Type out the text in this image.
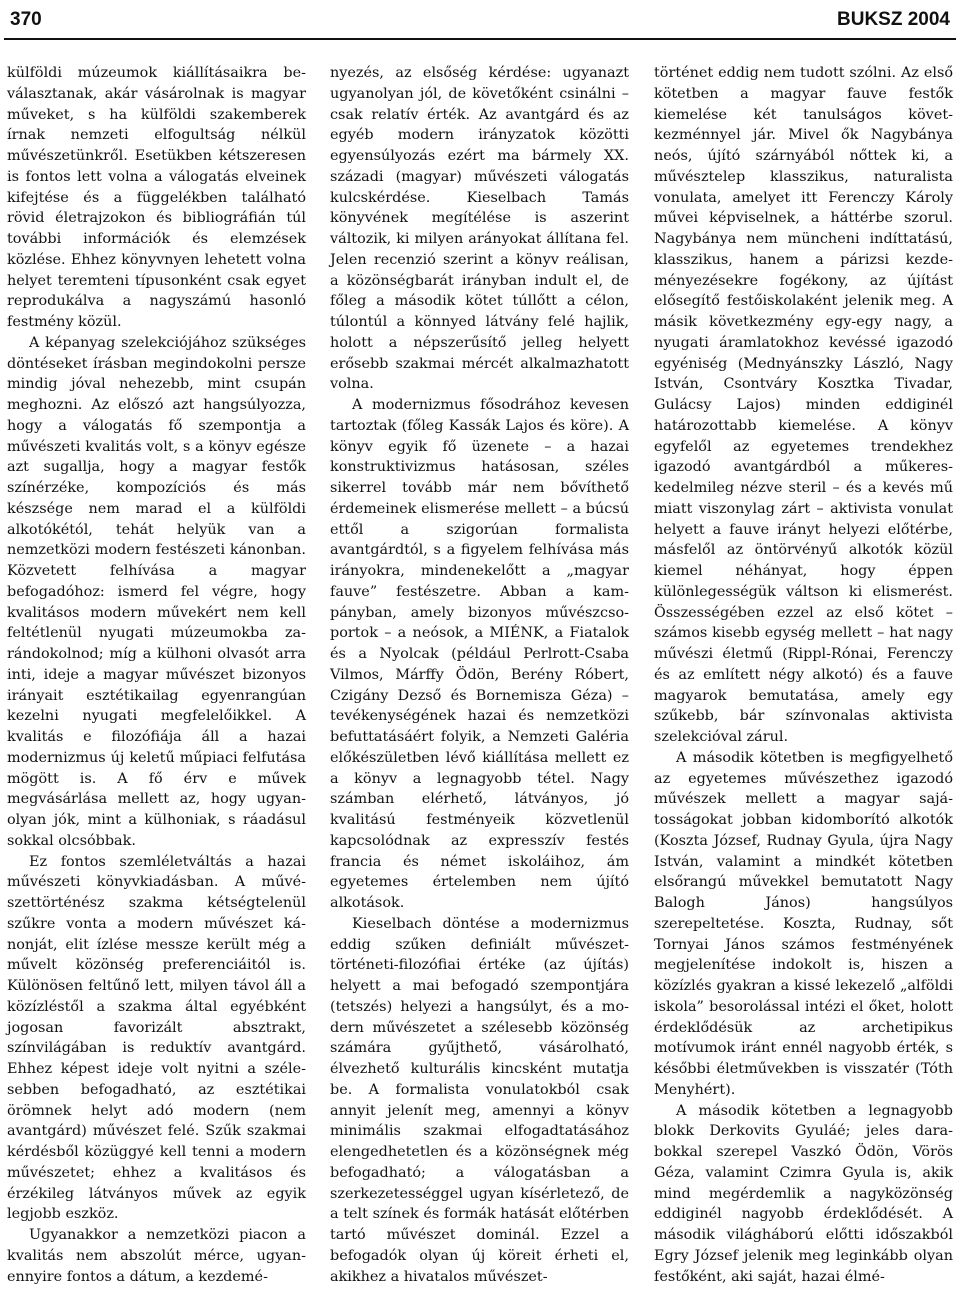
370	BUKSZ 2004

külföldi múzeumok kiállításaikra beválasztanak, akár vásárolnak is magyar műveket, s ha külföldi szakemberek írnak nemzeti elfogultság nélkül művészetünkről. Esetükben kétszeresen is fontos lett volna a válogatás elveinek kifejtése és a függelékben található rövid életrajzokon és bibliográfián túl további információk és elemzések közlése. Ehhez könyvnyen lehetett volna helyet teremteni típusonként csak egyet reprodukálva a nagyszámú hasonló festmény közül.

A képanyag szelekciójához szükséges döntéseket írásban megindokolni persze mindig jóval nehezebb, mint csupán meghozni. Az előszó azt hangsúlyozza, hogy a válogatás fő szempontja a művészeti kvalitás volt, s a könyv egésze azt sugallja, hogy a magyar festők színérzéke, kompozíciós és más készsége nem marad el a külföldi alkotókétól, tehát helyük van a nemzetközi modern festészeti kánonban. Közvetett felhívása a magyar befogadóhoz: ismerd fel végre, hogy kvalitásos modern művekért nem kell feltétlenül nyugati múzeumokba zarándokolnod; míg a külhoni olvasót arra inti, ideje a magyar művészet bizonyos irányait esztétikailag egyenrangúan kezelni nyugati megfelelőikkel. A kvalitás e filozófiája áll a hazai modernizmus új keletű műpiaci felfutása mögött is. A fő érv e művek megvásárlása mellett az, hogy ugyanolyan jók, mint a külhoniak, s ráadásul sokkal olcsóbbak.

Ez fontos szemléletváltás a hazai művészeti könyvkiadásban. A művészettörténész szakma kétségtelenül szűkre vonta a modern művészet kánonját, elit ízlése messze került még a művelt közönség preferenciáitól is. Különösen feltűnő lett, milyen távol áll a közízléstől a szakma által egyébként jogosan favorizált absztrakt, színvilágában is reduktív avantgárd. Ehhez képest ideje volt nyitni a szélesebben befogadható, az esztétikai örömnek helyt adó modern (nem avantgárd) művészet felé. Szűk szakmai kérdésből közüggyé kell tenni a modern művészetet; ehhez a kvalitásos és érzékileg látványos művek az egyik legjobb eszköz.

Ugyanakkor a nemzetközi piacon a kvalitás nem abszolút mérce, ugyanennyire fontos a dátum, a kezdemé-

nyezés, az elsőség kérdése: ugyanazt ugyanolyan jól, de követőként csinálni – csak relatív érték. Az avantgárd és az egyéb modern irányzatok közötti egyensúlyozás ezért ma bármely XX. századi (magyar) művészeti válogatás kulcskérdése. Kieselbach Tamás könyvének megítélése is aszerint változik, ki milyen arányokat állítana fel. Jelen recenzió szerint a könyv reálisan, a közönségbarát irányban indult el, de főleg a második kötet túllőtt a célon, túlontúl a könnyed látvány felé hajlik, holott a népszerűsítő jelleg helyett erősebb szakmai mércét alkalmazhatott volna.

A modernizmus fősodrához kevesen tartoztak (főleg Kassák Lajos és köre). A könyv egyik fő üzenete – a hazai konstruktivizmus hatásosan, széles sikerrel tovább már nem bővíthető érdemeinek elismerése mellett – a búcsú ettől a szigorúan formalista avantgárdtól, s a figyelem felhívása más irányokra, mindenekelőtt a „magyar fauve” festészetre. Abban a kampányban, amely bizonyos művészcsoportok – a neósok, a MIÉNK, a Fiatalok és a Nyolcak (például Perlrott-Csaba Vilmos, Márffy Ödön, Berény Róbert, Czigány Dezső és Bornemisza Géza) – tevékenységének hazai és nemzetközi befuttatásáért folyik, a Nemzeti Galéria előkészületben lévő kiállítása mellett ez a könyv a legnagyobb tétel. Nagy számban elérhető, látványos, jó kvalitású festményeik közvetlenül kapcsolódnak az expresszív festés francia és német iskoláihoz, ám egyetemes értelemben nem újító alkotások.

Kieselbach döntése a modernizmus eddig szűken definiált művészettörténeti-filozófiai értéke (az újítás) helyett a mai befogadó szempontjára (tetszés) helyezi a hangsúlyt, és a modern művészetet a szélesebb közönség számára gyűjthető, vásárolható, élvezhető kulturális kincsként mutatja be. A formalista vonulatokból csak annyit jelenít meg, amennyi a könyv minimális szakmai elfogadtatásához elengedhetetlen és a közönségnek még befogadható; a válogatásban a szerkezetességgel ugyan kísérletező, de a telt színek és formák hatását előtérben tartó művészet dominál. Ezzel a befogadók olyan új köreit érheti el, akikhez a hivatalos művészet-

történet eddig nem tudott szólni. Az első kötetben a magyar fauve festők kiemelése két tanulságos következménnyel jár. Mivel ők Nagybánya neós, újító szárnyából nőttek ki, a művésztelep klasszikus, naturalista vonulata, amelyet itt Ferenczy Károly művei képviselnek, a háttérbe szorul. Nagybánya nem müncheni indíttatású, klasszikus, hanem a párizsi kezdeményezésekre fogékony, az újítást elősegítő festőiskolaként jelenik meg. A másik következmény egy-egy nagy, a nyugati áramlatokhoz kevéssé igazodó egyéniség (Mednyánszky László, Nagy István, Csontváry Kosztka Tivadar, Gulácsy Lajos) minden eddiginél határozottabb kiemelése. A könyv egyfelől az egyetemes trendekhez igazodó avantgárdból a műkereskedelmileg nézve steril – és a kevés mű miatt viszonylag zárt – aktivista vonulat helyett a fauve irányt helyezi előtérbe, másfelől az öntörvényű alkotók közül kiemel néhányat, hogy éppen különlegességük váltson ki elismerést. Összességében ezzel az első kötet – számos kisebb egység mellett – hat nagy művészi életmű (Rippl-Rónai, Ferenczy és az említett négy alkotó) és a fauve magyarok bemutatása, amely egy szűkebb, bár színvonalas aktivista szelekcióval zárul.

A második kötetben is megfigyelhető az egyetemes művészethez igazodó művészek mellett a magyar sajátosságokat jobban kidomborító alkotók (Koszta József, Rudnay Gyula, újra Nagy István, valamint a mindkét kötetben elsőrangú művekkel bemutatott Nagy Balogh János) hangsúlyos szerepeltetése. Koszta, Rudnay, sőt Tornyai János számos festményének megjelenítése indokolt is, hiszen a közízlés gyakran a kissé lekezelő „alföldi iskola” besorolással intézi el őket, holott érdeklődésük az archetipikus motívumok iránt ennél nagyobb érték, s későbbi életművekben is visszatér (Tóth Menyhért).

A második kötetben a legnagyobb blokk Derkovits Gyuláé; jeles darabokkal szerepel Vaszkó Ödön, Vörös Géza, valamint Czimra Gyula is, akik mind megérdemlik a nagyközönség eddiginél nagyobb érdeklődését. A második világháború előtti időszakból Egry József jelenik meg leginkább olyan festőként, aki saját, hazai élmé-
